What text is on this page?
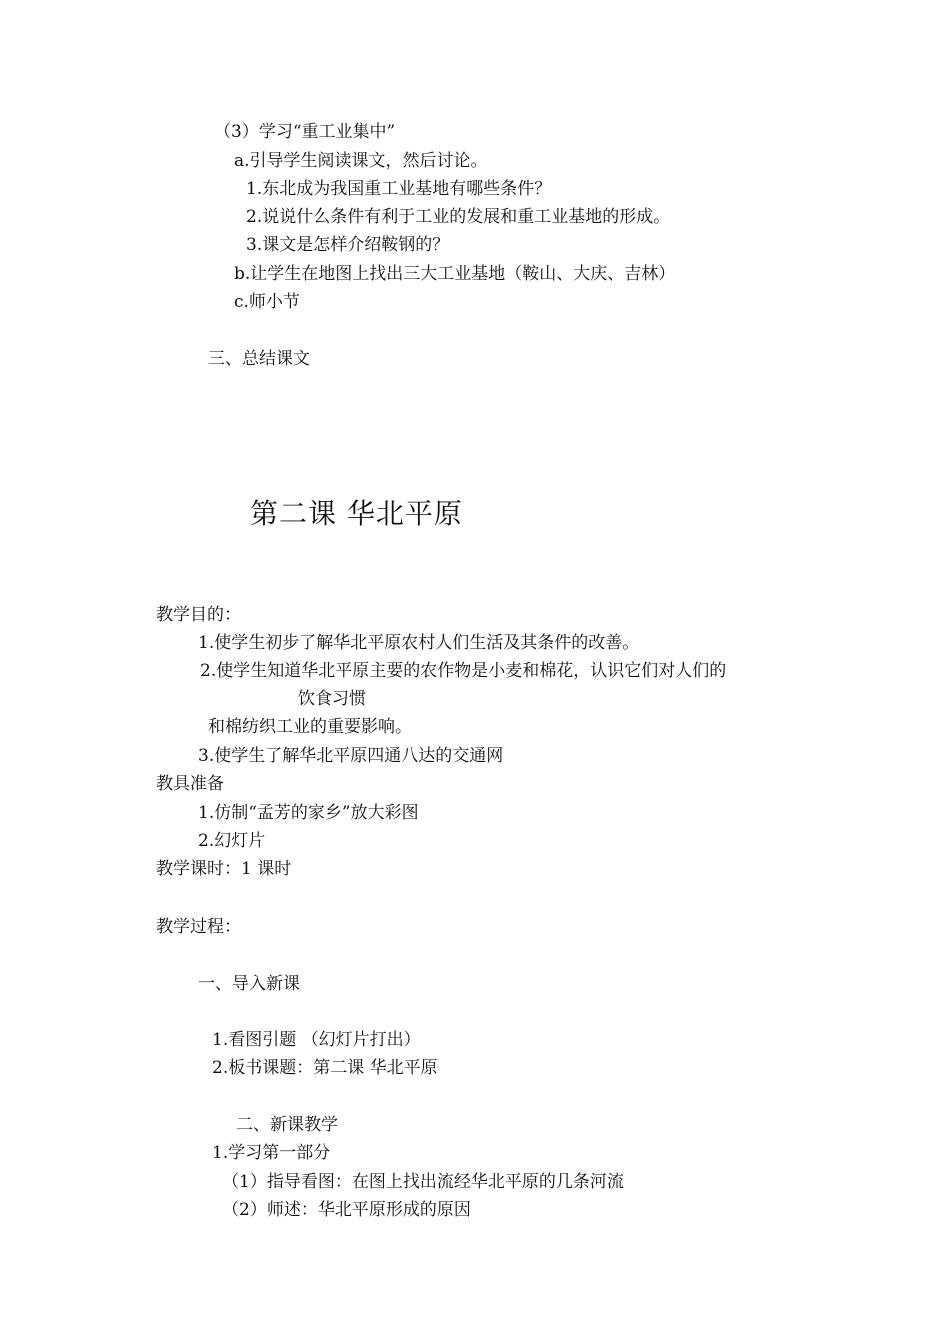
（3）学习“重工业集中”
a.引导学生阅读课文，然后讨论。
1.东北成为我国重工业基地有哪些条件？
2.说说什么条件有利于工业的发展和重工业基地的形成。
3.课文是怎样介绍鞍钢的？
b.让学生在地图上找出三大工业基地（鞍山、大庆、吉林）
c.师小节
三、总结课文
第二课 华北平原
教学目的：
1.使学生初步了解华北平原农村人们生活及其条件的改善。
2.使学生知道华北平原主要的农作物是小麦和棉花，认识它们对人们的
饮食习惯
和棉纺织工业的重要影响。
3.使学生了解华北平原四通八达的交通网
教具准备
1.仿制“孟芳的家乡”放大彩图
2.幻灯片
教学课时：1 课时
教学过程：
一、导入新课
1.看图引题 （幻灯片打出）
2.板书课题：第二课 华北平原
二、新课教学
1.学习第一部分
（1）指导看图：在图上找出流经华北平原的几条河流
（2）师述：华北平原形成的原因
